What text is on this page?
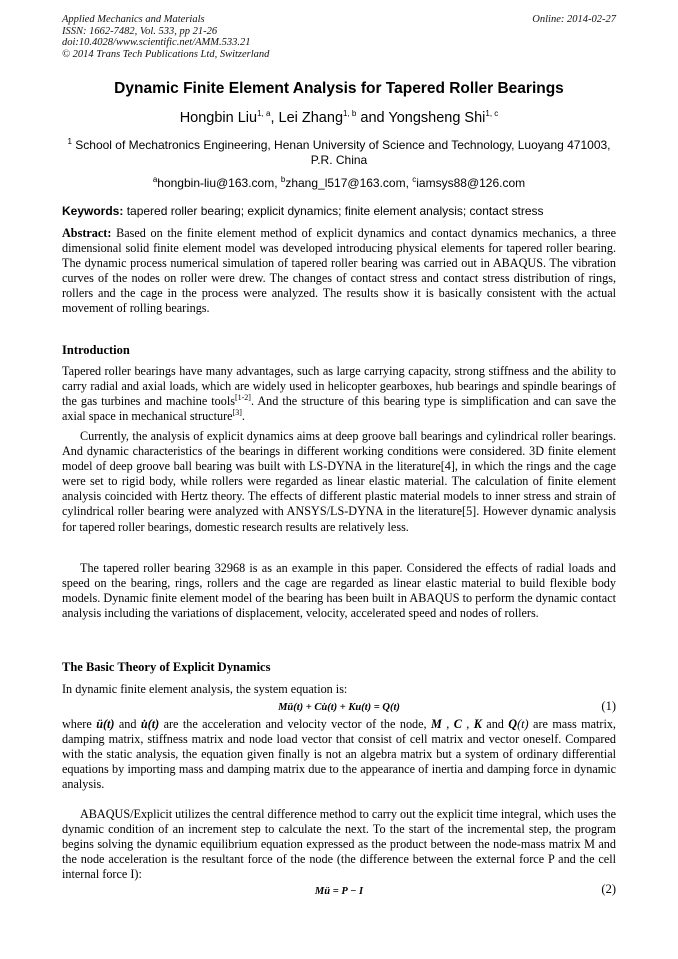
Applied Mechanics and Materials
ISSN: 1662-7482, Vol. 533, pp 21-26
doi:10.4028/www.scientific.net/AMM.533.21
© 2014 Trans Tech Publications Ltd, Switzerland
Online: 2014-02-27
Dynamic Finite Element Analysis for Tapered Roller Bearings
Hongbin Liu$^{1, a}$, Lei Zhang$^{1, b}$ and Yongsheng Shi$^{1, c}$
$^1$ School of Mechatronics Engineering, Henan University of Science and Technology, Luoyang 471003, P.R. China
$^a$hongbin-liu@163.com, $^b$zhang_l517@163.com, $^c$iamsys88@126.com
Keywords: tapered roller bearing; explicit dynamics; finite element analysis; contact stress

Abstract: Based on the finite element method of explicit dynamics and contact dynamics mechanics, a three dimensional solid finite element model was developed introducing physical elements for tapered roller bearing. The dynamic process numerical simulation of tapered roller bearing was carried out in ABAQUS. The vibration curves of the nodes on roller were drew. The changes of contact stress and contact stress distribution of rings, rollers and the cage in the process were analyzed. The results show it is basically consistent with the actual movement of rolling bearings.

Introduction

Tapered roller bearings have many advantages, such as large carrying capacity, strong stiffness and the ability to carry radial and axial loads, which are widely used in helicopter gearboxes, hub bearings and spindle bearings of the gas turbines and machine tools[1-2]. And the structure of this bearing type is simplification and can save the axial space in mechanical structure[3].

Currently, the analysis of explicit dynamics aims at deep groove ball bearings and cylindrical roller bearings. And dynamic characteristics of the bearings in different working conditions were considered. 3D finite element model of deep groove ball bearing was built with LS-DYNA in the literature[4], in which the rings and the cage were set to rigid body, while rollers were regarded as linear elastic material. The calculation of finite element analysis coincided with Hertz theory. The effects of different plastic material models to inner stress and strain of cylindrical roller bearing were analyzed with ANSYS/LS-DYNA in the literature[5]. However dynamic analysis for tapered roller bearings, domestic research results are relatively less.

The tapered roller bearing 32968 is as an example in this paper. Considered the effects of radial loads and speed on the bearing, rings, rollers and the cage are regarded as linear elastic material to build flexible body models. Dynamic finite element model of the bearing has been built in ABAQUS to perform the dynamic contact analysis including the variations of displacement, velocity, accelerated speed and nodes of rollers.

The Basic Theory of Explicit Dynamics

In dynamic finite element analysis, the system equation is:

Mü(t) + Cu̇(t) + Ku(t) = Q(t)	(1)

where ü(t) and u̇(t) are the acceleration and velocity vector of the node, M , C , K and Q(t) are mass matrix, damping matrix, stiffness matrix and node load vector that consist of cell matrix and vector oneself. Compared with the static analysis, the equation given finally is not an algebra matrix but a system of ordinary differential equations by importing mass and damping matrix due to the appearance of inertia and damping force in dynamic analysis.

ABAQUS/Explicit utilizes the central difference method to carry out the explicit time integral, which uses the dynamic condition of an increment step to calculate the next. To the start of the incremental step, the program begins solving the dynamic equilibrium equation expressed as the product between the node-mass matrix M and the node acceleration is the resultant force of the node (the difference between the external force P and the cell internal force I):

Mü = P − I	(2)
